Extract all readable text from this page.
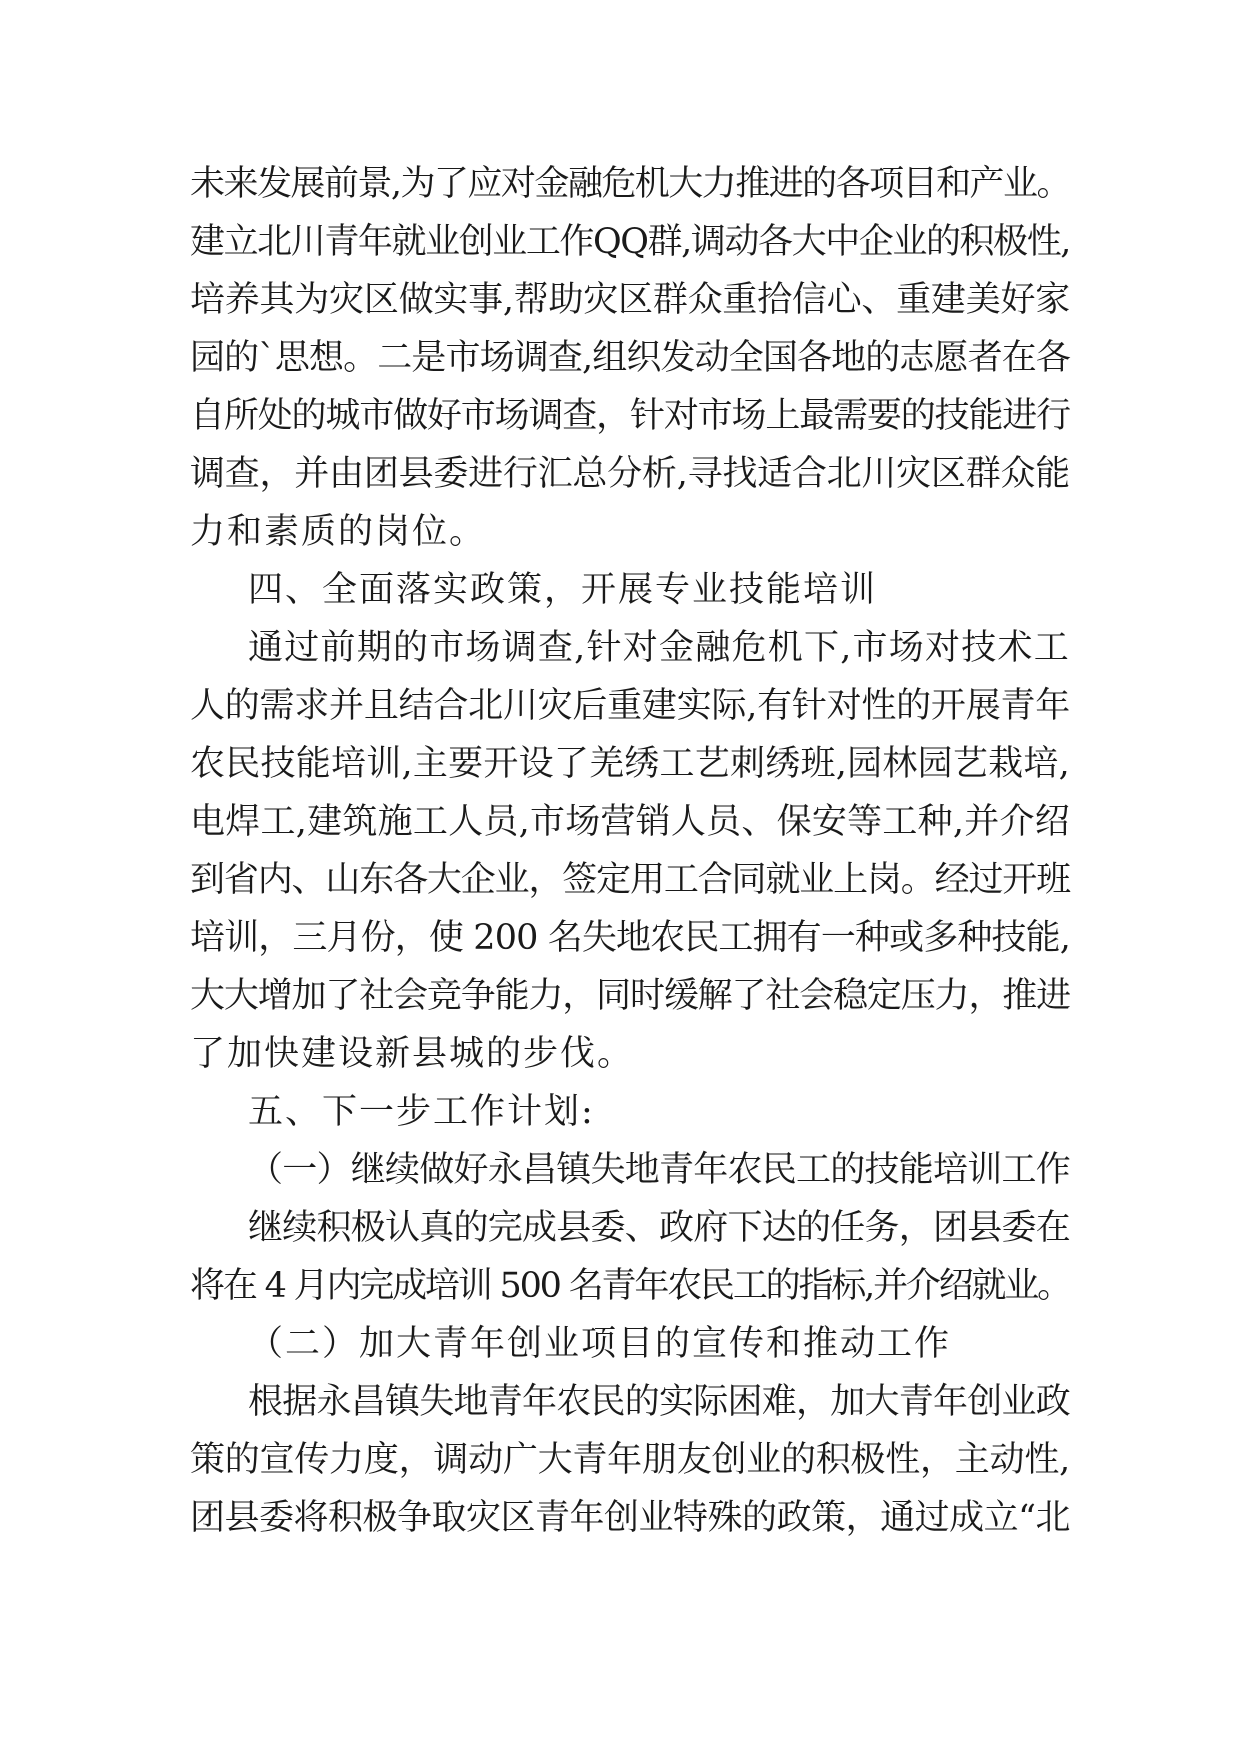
未来发展前景,为了应对金融危机大力推进的各项目和产业。
建立北川青年就业创业工作QQ群,调动各大中企业的积极性,
培养其为灾区做实事,帮助灾区群众重拾信心、重建美好家
园的`思想。二是市场调查,组织发动全国各地的志愿者在各
自所处的城市做好市场调查，针对市场上最需要的技能进行
调查，并由团县委进行汇总分析,寻找适合北川灾区群众能
力和素质的岗位。
四、全面落实政策，开展专业技能培训
通过前期的市场调查,针对金融危机下,市场对技术工
人的需求并且结合北川灾后重建实际,有针对性的开展青年
农民技能培训,主要开设了羌绣工艺刺绣班,园林园艺栽培,
电焊工,建筑施工人员,市场营销人员、保安等工种,并介绍
到省内、山东各大企业，签定用工合同就业上岗。经过开班
培训，三月份，使 200 名失地农民工拥有一种或多种技能,
大大增加了社会竞争能力，同时缓解了社会稳定压力，推进
了加快建设新县城的步伐。
五、下一步工作计划:
（一）继续做好永昌镇失地青年农民工的技能培训工作
继续积极认真的完成县委、政府下达的任务，团县委在
将在 4 月内完成培训 500 名青年农民工的指标,并介绍就业。
（二）加大青年创业项目的宣传和推动工作
根据永昌镇失地青年农民的实际困难，加大青年创业政
策的宣传力度，调动广大青年朋友创业的积极性，主动性,
团县委将积极争取灾区青年创业特殊的政策，通过成立“北
